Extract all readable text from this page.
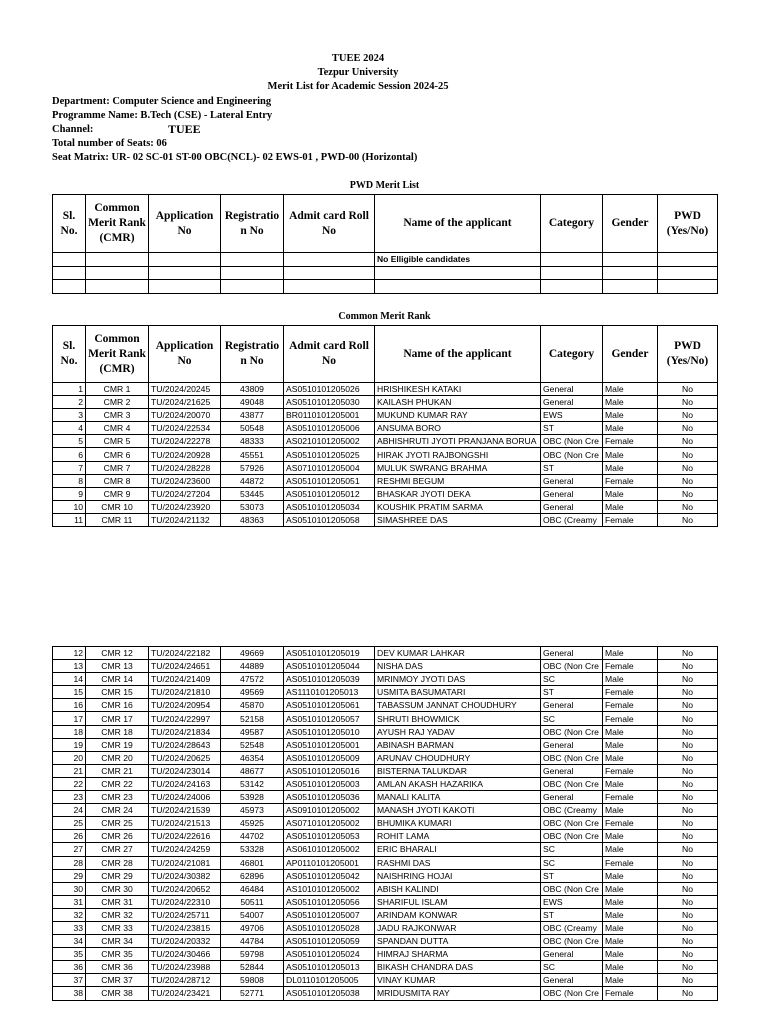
TUEE 2024
Tezpur University
Merit List for Academic Session 2024-25
Department: Computer Science and Engineering
Programme Name: B.Tech (CSE) - Lateral Entry
Channel:	TUEE
Total number of Seats: 06
Seat Matrix: UR- 02 SC-01 ST-00 OBC(NCL)- 02 EWS-01 , PWD-00 (Horizontal)
PWD Merit List
Sl. No.	Common Merit Rank (CMR)	Application No	Registratio n No	Admit card Roll No	Name of the applicant	Category	Gender	PWD (Yes/No)
					No Elligible candidates			

Common Merit Rank
Sl. No.	Common Merit Rank (CMR)	Application No	Registratio n No	Admit card Roll No	Name of the applicant	Category	Gender	PWD (Yes/No)
1	CMR 1	TU/2024/20245	43809	AS0510101205026	HRISHIKESH KATAKI	General	Male	No
2	CMR 2	TU/2024/21625	49048	AS0510101205030	KAILASH PHUKAN	General	Male	No
3	CMR 3	TU/2024/20070	43877	BR0110101205001	MUKUND KUMAR RAY	EWS	Male	No
4	CMR 4	TU/2024/22534	50548	AS0510101205006	ANSUMA BORO	ST	Male	No
5	CMR 5	TU/2024/22278	48333	AS0210101205002	ABHISHRUTI JYOTI PRANJANA BORUA	OBC (Non Cre	Female	No
6	CMR 6	TU/2024/20928	45551	AS0510101205025	HIRAK JYOTI RAJBONGSHI	OBC (Non Cre	Male	No
7	CMR 7	TU/2024/28228	57926	AS0710101205004	MULUK SWRANG BRAHMA	ST	Male	No
8	CMR 8	TU/2024/23600	44872	AS0510101205051	RESHMI BEGUM	General	Female	No
9	CMR 9	TU/2024/27204	53445	AS0510101205012	BHASKAR JYOTI DEKA	General	Male	No
10	CMR 10	TU/2024/23920	53073	AS0510101205034	KOUSHIK PRATIM SARMA	General	Male	No
11	CMR 11	TU/2024/21132	48363	AS0510101205058	SIMASHREE DAS	OBC (Creamy	Female	No
12	CMR 12	TU/2024/22182	49669	AS0510101205019	DEV KUMAR LAHKAR	General	Male	No
13	CMR 13	TU/2024/24651	44889	AS0510101205044	NISHA DAS	OBC (Non Cre	Female	No
14	CMR 14	TU/2024/21409	47572	AS0510101205039	MRINMOY JYOTI DAS	SC	Male	No
15	CMR 15	TU/2024/21810	49569	AS1110101205013	USMITA BASUMATARI	ST	Female	No
16	CMR 16	TU/2024/20954	45870	AS0510101205061	TABASSUM JANNAT CHOUDHURY	General	Female	No
17	CMR 17	TU/2024/22997	52158	AS0510101205057	SHRUTI BHOWMICK	SC	Female	No
18	CMR 18	TU/2024/21834	49587	AS0510101205010	AYUSH RAJ YADAV	OBC (Non Cre	Male	No
19	CMR 19	TU/2024/28643	52548	AS0510101205001	ABINASH BARMAN	General	Male	No
20	CMR 20	TU/2024/20625	46354	AS0510101205009	ARUNAV CHOUDHURY	OBC (Non Cre	Male	No
21	CMR 21	TU/2024/23014	48677	AS0510101205016	BISTERNA TALUKDAR	General	Female	No
22	CMR 22	TU/2024/24163	53142	AS0510101205003	AMLAN AKASH HAZARIKA	OBC (Non Cre	Male	No
23	CMR 23	TU/2024/24006	53928	AS0510101205036	MANALI KALITA	General	Female	No
24	CMR 24	TU/2024/21539	45973	AS0910101205002	MANASH JYOTI KAKOTI	OBC (Creamy	Male	No
25	CMR 25	TU/2024/21513	45925	AS0710101205002	BHUMIKA KUMARI	OBC (Non Cre	Female	No
26	CMR 26	TU/2024/22616	44702	AS0510101205053	ROHIT LAMA	OBC (Non Cre	Male	No
27	CMR 27	TU/2024/24259	53328	AS0610101205002	ERIC BHARALI	SC	Male	No
28	CMR 28	TU/2024/21081	46801	AP0110101205001	RASHMI DAS	SC	Female	No
29	CMR 29	TU/2024/30382	62896	AS0510101205042	NAISHRING HOJAI	ST	Male	No
30	CMR 30	TU/2024/20652	46484	AS1010101205002	ABISH KALINDI	OBC (Non Cre	Male	No
31	CMR 31	TU/2024/22310	50511	AS0510101205056	SHARIFUL ISLAM	EWS	Male	No
32	CMR 32	TU/2024/25711	54007	AS0510101205007	ARINDAM KONWAR	ST	Male	No
33	CMR 33	TU/2024/23815	49706	AS0510101205028	JADU RAJKONWAR	OBC (Creamy	Male	No
34	CMR 34	TU/2024/20332	44784	AS0510101205059	SPANDAN DUTTA	OBC (Non Cre	Male	No
35	CMR 35	TU/2024/30466	59798	AS0510101205024	HIMRAJ SHARMA	General	Male	No
36	CMR 36	TU/2024/23988	52844	AS0510101205013	BIKASH CHANDRA DAS	SC	Male	No
37	CMR 37	TU/2024/28712	59808	DL0110101205005	VINAY KUMAR	General	Male	No
38	CMR 38	TU/2024/23421	52771	AS0510101205038	MRIDUSMITA RAY	OBC (Non Cre	Female	No
